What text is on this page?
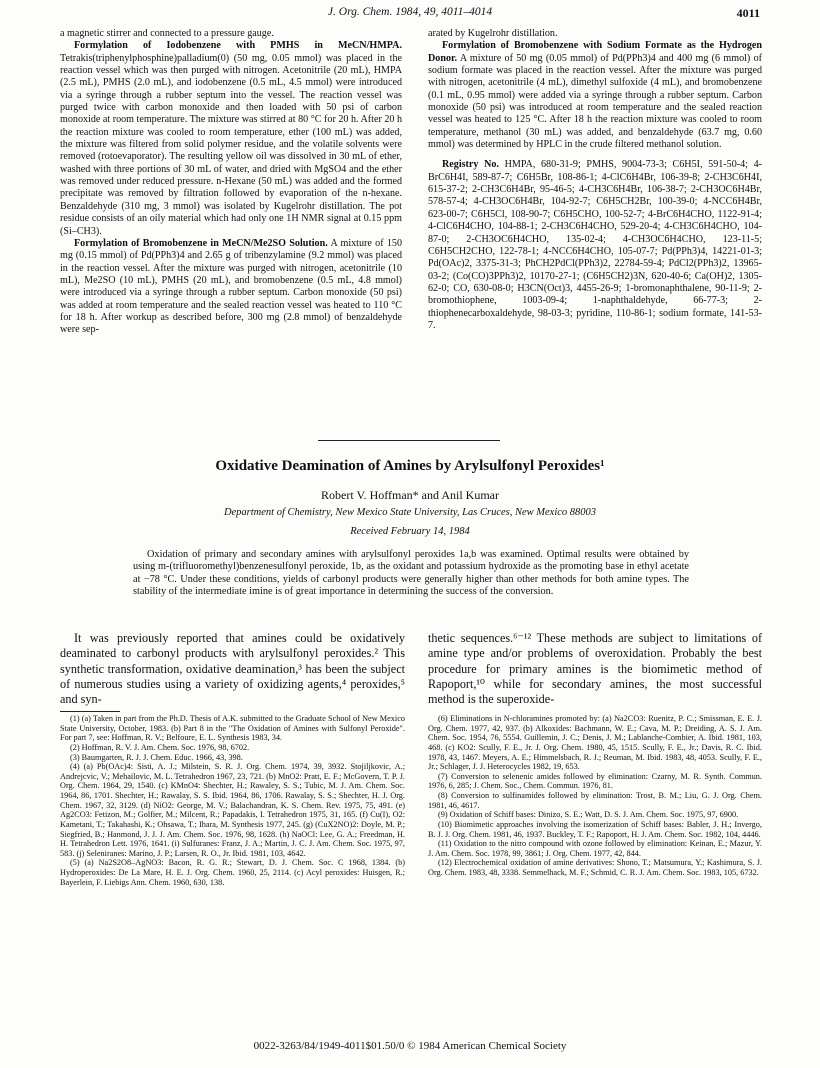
J. Org. Chem. 1984, 49, 4011–4014	4011

a magnetic stirrer and connected to a pressure gauge.

Formylation of Iodobenzene with PMHS in MeCN/HMPA. Tetrakis(triphenylphosphine)palladium(0) (50 mg, 0.05 mmol) was placed in the reaction vessel which was then purged with nitrogen. Acetonitrile (20 mL), HMPA (2.5 mL), PMHS (2.0 mL), and iodobenzene (0.5 mL, 4.5 mmol) were introduced via a syringe through a rubber septum into the vessel. The reaction vessel was purged twice with carbon monoxide and then loaded with 50 psi of carbon monoxide at room temperature. The mixture was stirred at 80 °C for 20 h. After 20 h the reaction mixture was cooled to room temperature, ether (100 mL) was added, the mixture was filtered from solid polymer residue, and the volatile solvents were removed (rotoevaporator). The resulting yellow oil was dissolved in 30 mL of ether, washed with three portions of 30 mL of water, and dried with MgSO4 and the ether was removed under reduced pressure. n-Hexane (50 mL) was added and the formed precipitate was removed by filtration followed by evaporation of the n-hexane. Benzaldehyde (310 mg, 3 mmol) was isolated by Kugelrohr distillation. The pot residue consists of an oily material which had only one 1H NMR signal at 0.15 ppm (Si–CH3).

Formylation of Bromobenzene in MeCN/Me2SO Solution. A mixture of 150 mg (0.15 mmol) of Pd(PPh3)4 and 2.65 g of tribenzylamine (9.2 mmol) was placed in the reaction vessel. After the mixture was purged with nitrogen, acetonitrile (10 mL), Me2SO (10 mL), PMHS (20 mL), and bromobenzene (0.5 mL, 4.8 mmol) were introduced via a syringe through a rubber septum. Carbon monoxide (50 psi) was added at room temperature and the sealed reaction vessel was heated to 110 °C for 18 h. After workup as described before, 300 mg (2.8 mmol) of benzaldehyde were sep-

arated by Kugelrohr distillation.

Formylation of Bromobenzene with Sodium Formate as the Hydrogen Donor. A mixture of 50 mg (0.05 mmol) of Pd(PPh3)4 and 400 mg (6 mmol) of sodium formate was placed in the reaction vessel. After the mixture was purged with nitrogen, acetonitrile (4 mL), dimethyl sulfoxide (4 mL), and bromobenzene (0.1 mL, 0.95 mmol) were added via a syringe through a rubber septum. Carbon monoxide (50 psi) was introduced at room temperature and the sealed reaction vessel was heated to 125 °C. After 18 h the reaction mixture was cooled to room temperature, methanol (30 mL) was added, and benzaldehyde (63.7 mg, 0.60 mmol) was determined by HPLC in the crude filtered methanol solution.

Registry No. HMPA, 680-31-9; PMHS, 9004-73-3; C6H5I, 591-50-4; 4-BrC6H4I, 589-87-7; C6H5Br, 108-86-1; 4-ClC6H4Br, 106-39-8; 2-CH3C6H4I, 615-37-2; 2-CH3C6H4Br, 95-46-5; 4-CH3C6H4Br, 106-38-7; 2-CH3OC6H4Br, 578-57-4; 4-CH3OC6H4Br, 104-92-7; C6H5CH2Br, 100-39-0; 4-NCC6H4Br, 623-00-7; C6H5Cl, 108-90-7; C6H5CHO, 100-52-7; 4-BrC6H4CHO, 1122-91-4; 4-ClC6H4CHO, 104-88-1; 2-CH3C6H4CHO, 529-20-4; 4-CH3C6H4CHO, 104-87-0; 2-CH3OC6H4CHO, 135-02-4; 4-CH3OC6H4CHO, 123-11-5; C6H5CH2CHO, 122-78-1; 4-NCC6H4CHO, 105-07-7; Pd(PPh3)4, 14221-01-3; Pd(OAc)2, 3375-31-3; PhCH2PdCl(PPh3)2, 22784-59-4; PdCl2(PPh3)2, 13965-03-2; (Co(CO)3PPh3)2, 10170-27-1; (C6H5CH2)3N, 620-40-6; Ca(OH)2, 1305-62-0; CO, 630-08-0; H3CN(Oct)3, 4455-26-9; 1-bromonaphthalene, 90-11-9; 2-bromothiophene, 1003-09-4; 1-naphthaldehyde, 66-77-3; 2-thiophenecarboxaldehyde, 98-03-3; pyridine, 110-86-1; sodium formate, 141-53-7.

Oxidative Deamination of Amines by Arylsulfonyl Peroxides¹
Robert V. Hoffman* and Anil Kumar
Department of Chemistry, New Mexico State University, Las Cruces, New Mexico 88003
Received February 14, 1984
Oxidation of primary and secondary amines with arylsulfonyl peroxides 1a,b was examined. Optimal results were obtained by using m-(trifluoromethyl)benzenesulfonyl peroxide, 1b, as the oxidant and potassium hydroxide as the promoting base in ethyl acetate at −78 °C. Under these conditions, yields of carbonyl products were generally higher than other methods for both amine types. The stability of the intermediate imine is of great importance in determining the success of the conversion.
It was previously reported that amines could be oxidatively deaminated to carbonyl products with arylsulfonyl peroxides.² This synthetic transformation, oxidative deamination,³ has been the subject of numerous studies using a variety of oxidizing agents,⁴ peroxides,⁵ and syn-
thetic sequences.⁶⁻¹² These methods are subject to limitations of amine type and/or problems of overoxidation. Probably the best procedure for primary amines is the biomimetic method of Rapoport,¹⁰ while for secondary amines, the most successful method is the superoxide-

(1) (a) Taken in part from the Ph.D. Thesis of A.K. submitted to the Graduate School of New Mexico State University, October, 1983. (b) Part 8 in the "The Oxidation of Amines with Sulfonyl Peroxide". For part 7, see: Hoffman, R. V.; Belfoure, E. L. Synthesis 1983, 34.

(2) Hoffman, R. V. J. Am. Chem. Soc. 1976, 98, 6702.

(3) Baumgarten, R. J. J. Chem. Educ. 1966, 43, 398.

(4) (a) Pb(OAc)4: Sisti, A. J.; Milstein, S. R. J. Org. Chem. 1974, 39, 3932. Stojiljkovic, A.; Andrejcvic, V.; Mehailovic, M. L. Tetrahedron 1967, 23, 721. (b) MnO2: Pratt, E. F.; McGovern, T. P. J. Org. Chem. 1964, 29, 1540. (c) KMnO4: Shechter, H.; Rawaley, S. S.; Tubic, M. J. Am. Chem. Soc. 1964, 86, 1701. Shechter, H.; Rawalay, S. S. Ibid. 1964, 86, 1706. Rawalay, S. S.; Shechter, H. J. Org. Chem. 1967, 32, 3129. (d) NiO2: George, M. V.; Balachandran, K. S. Chem. Rev. 1975, 75, 491. (e) Ag2CO3: Fetizon, M.; Golfier, M.; Milcent, R.; Papadakis, I. Tetrahedron 1975, 31, 165. (f) Cu(I), O2: Kametani, T.; Takahashi, K.; Ohsawa, T.; Ihara, M. Synthesis 1977, 245. (g) (CuX2NO)2: Doyle, M. P.; Siegfried, B.; Hanmond, J. J. J. Am. Chem. Soc. 1976, 98, 1628. (h) NaOCl: Lee, G. A.; Freedman, H. H. Tetrahedron Lett. 1976, 1641. (i) Sulfuranes: Franz, J. A.; Martin, J. C. J. Am. Chem. Soc. 1975, 97, 583. (j) Seleniranes: Marino, J. P.; Larsen, R. O., Jr. Ibid. 1981, 103, 4642.

(5) (a) Na2S2O8–AgNO3: Bacon, R. G. R.; Stewart, D. J. Chem. Soc. C 1968, 1384. (b) Hydroperoxides: De La Mare, H. E. J. Org. Chem. 1960, 25, 2114. (c) Acyl peroxides: Huisgen, R.; Bayerlein, F. Liebigs Ann. Chem. 1960, 630, 138.

(6) Eliminations in N-chloramines promoted by: (a) Na2CO3: Ruenitz, P. C.; Smissman, E. E. J. Org. Chem. 1977, 42, 937. (b) Alkoxides: Bachmann, W. E.; Cava, M. P.; Dreiding, A. S. J. Am. Chem. Soc. 1954, 76, 5554. Guillemin, J. C.; Denis, J. M.; Lablanche-Combier, A. Ibid. 1981, 103, 468. (c) KO2: Scully, F. E., Jr. J. Org. Chem. 1980, 45, 1515. Scully, F. E., Jr.; Davis, R. C. Ibid. 1978, 43, 1467. Meyers, A. E.; Himmelsbach, R. J.; Reuman, M. Ibid. 1983, 48, 4053. Scully, F. E., Jr.; Schlager, J. J. Heterocycles 1982, 19, 653.

(7) Conversion to selenenic amides followed by elimination: Czarny, M. R. Synth. Commun. 1976, 6, 285; J. Chem. Soc., Chem. Commun. 1976, 81.

(8) Conversion to sulfinamides followed by elimination: Trost, B. M.; Liu, G. J. Org. Chem. 1981, 46, 4617.

(9) Oxidation of Schiff bases: Dinizo, S. E.; Watt, D. S. J. Am. Chem. Soc. 1975, 97, 6900.

(10) Biomimetic approaches involving the isomerization of Schiff bases: Babler, J. H.; Invergo, B. J. J. Org. Chem. 1981, 46, 1937. Buckley, T. F.; Rapoport, H. J. Am. Chem. Soc. 1982, 104, 4446.

(11) Oxidation to the nitro compound with ozone followed by elimination: Keinan, E.; Mazur, Y. J. Am. Chem. Soc. 1978, 99, 3861; J. Org. Chem. 1977, 42, 844.

(12) Electrochemical oxidation of amine derivatives: Shono, T.; Matsumura, Y.; Kashimura, S. J. Org. Chem. 1983, 48, 3338. Semmelhack, M. F.; Schmid, C. R. J. Am. Chem. Soc. 1983, 105, 6732.

0022-3263/84/1949-4011$01.50/0 © 1984 American Chemical Society
